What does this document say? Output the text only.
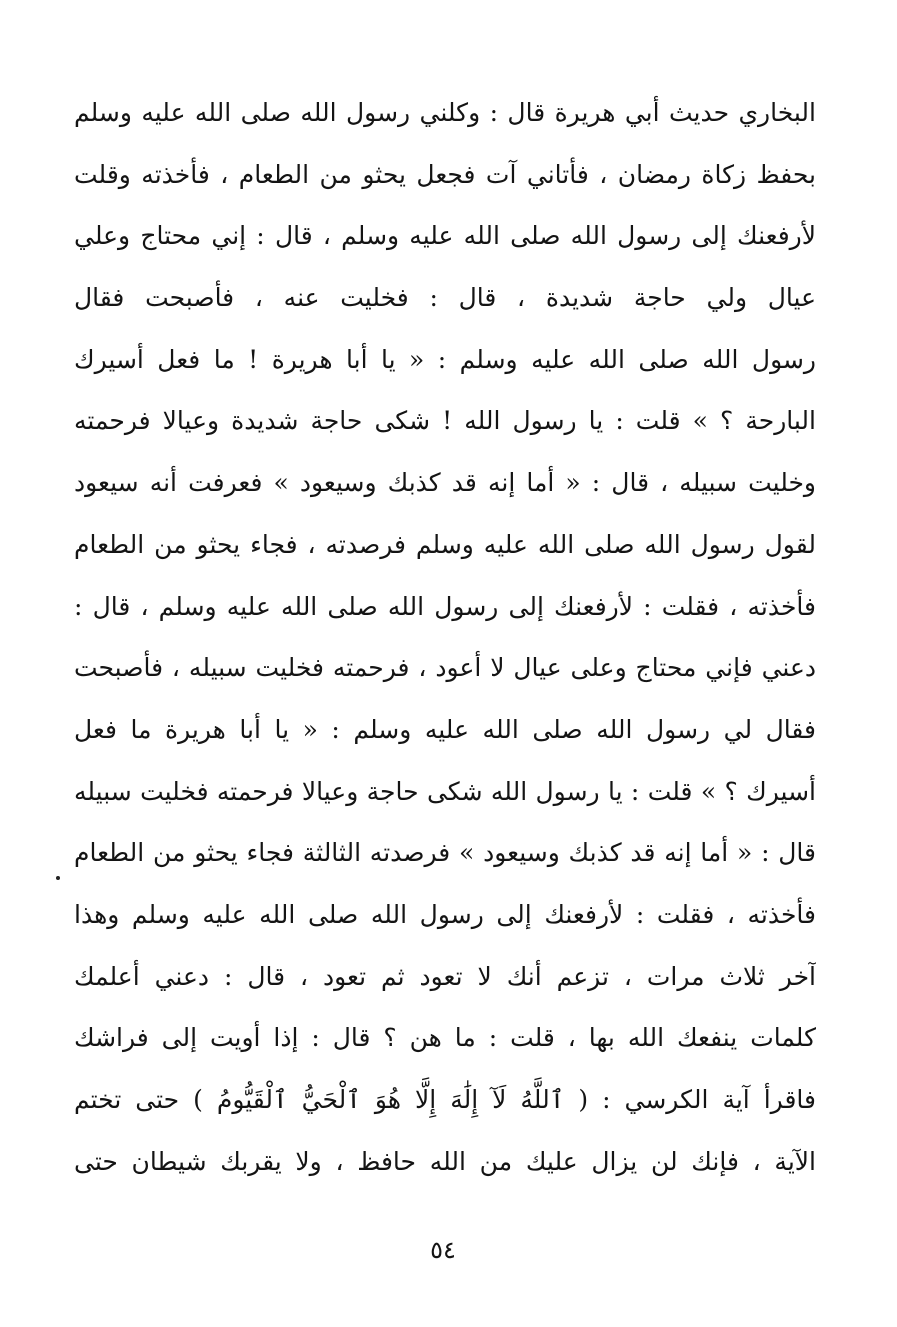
البخاري حديث أبي هريرة قال : وكلني رسول الله صلى الله عليه وسلم
بحفظ زكاة رمضان ، فأتاني آت فجعل يحثو من الطعام ، فأخذته وقلت
لأرفعنك إلى رسول الله صلى الله عليه وسلم ، قال : إني محتاج وعلي
عيال ولي حاجة شديدة ، قال : فخليت عنه ، فأصبحت فقال
رسول الله صلى الله عليه وسلم : « يا أبا هريرة ! ما فعل أسيرك
البارحة ؟ » قلت : يا رسول الله ! شكى حاجة شديدة وعيالا فرحمته
وخليت سبيله ، قال : « أما إنه قد كذبك وسيعود » فعرفت أنه سيعود
لقول رسول الله صلى الله عليه وسلم فرصدته ، فجاء يحثو من الطعام
فأخذته ، فقلت : لأرفعنك إلى رسول الله صلى الله عليه وسلم ، قال :
دعني فإني محتاج وعلى عيال لا أعود ، فرحمته فخليت سبيله ، فأصبحت
فقال لي رسول الله صلى الله عليه وسلم : « يا أبا هريرة ما فعل
أسيرك ؟ » قلت : يا رسول الله شكى حاجة وعيالا فرحمته فخليت سبيله
قال : « أما إنه قد كذبك وسيعود » فرصدته الثالثة فجاء يحثو من الطعام
فأخذته ، فقلت : لأرفعنك إلى رسول الله صلى الله عليه وسلم وهذا
آخر ثلاث مرات ، تزعم أنك لا تعود ثم تعود ، قال : دعني أعلمك
كلمات ينفعك الله بها ، قلت : ما هن ؟ قال : إذا أويت إلى فراشك
فاقرأ آية الكرسي : ( ٱللَّهُ لَآ إِلَٰهَ إِلَّا هُوَ ٱلْحَيُّ ٱلْقَيُّومُ ) حتى تختم
الآية ، فإنك لن يزال عليك من الله حافظ ، ولا يقربك شيطان حتى
٥٤
